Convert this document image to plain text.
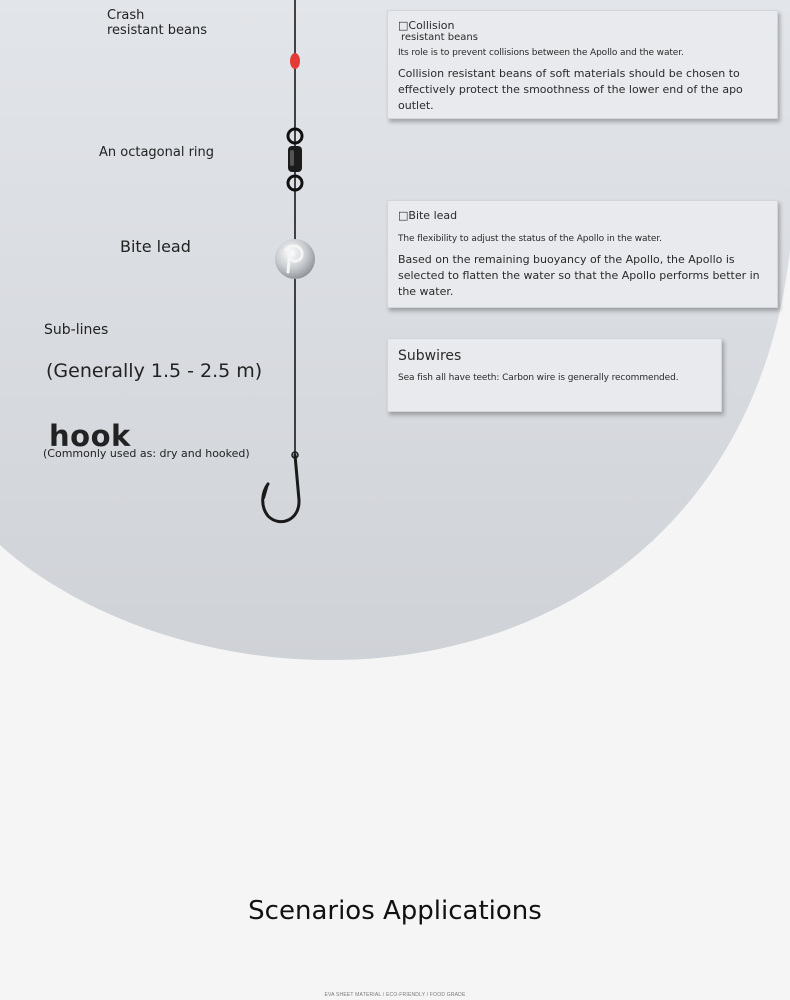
Crash
resistant beans
An octagonal ring
Bite lead
Sub-lines
(Generally 1.5 - 2.5 m)
hook
(Commonly used as: dry and hooked)
□Collision
resistant beans
Its role is to prevent collisions between the Apollo and the water.
Collision resistant beans of soft materials should be chosen to effectively protect the smoothness of the lower end of the apo outlet.
□Bite lead
The flexibility to adjust the status of the Apollo in the water.
Based on the remaining buoyancy of the Apollo, the Apollo is selected to flatten the water so that the Apollo performs better in the water.
Subwires
Sea fish all have teeth: Carbon wire is generally recommended.
Scenarios Applications
EVA SHEET MATERIAL / ECO-FRIENDLY / FOOD GRADE
